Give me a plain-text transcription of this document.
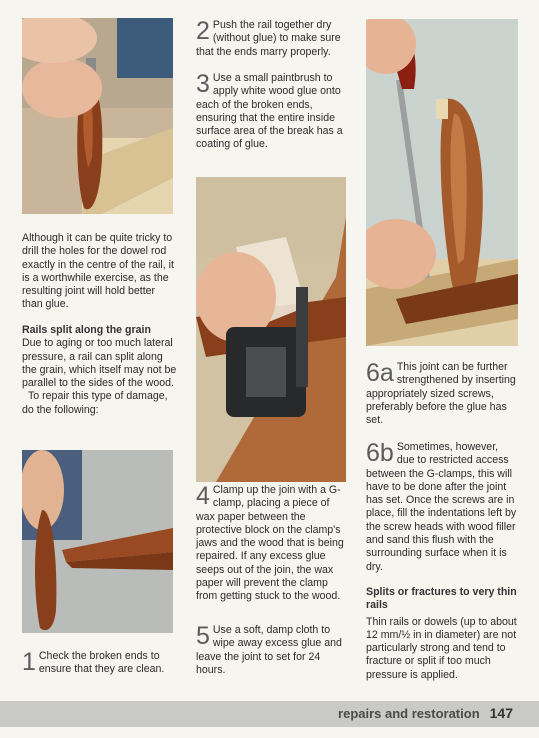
2 Push the rail together dry (without glue) to make sure that the ends marry properly.
3 Use a small paintbrush to apply white wood glue onto each of the broken ends, ensuring that the entire inside surface area of the break has a coating of glue.

Although it can be quite tricky to drill the holes for the dowel rod exactly in the centre of the rail, it is a worthwhile exercise, as the resulting joint will hold better than glue.

Rails split along the grain

Due to aging or too much lateral pressure, a rail can split along the grain, which itself may not be parallel to the sides of the wood.

To repair this type of damage, do the following:

1 Check the broken ends to ensure that they are clean.
4 Clamp up the join with a G-clamp, placing a piece of wax paper between the protective block on the clamp's jaws and the wood that is being repaired. If any excess glue seeps out of the join, the wax paper will prevent the clamp from getting stuck to the wood.
5 Use a soft, damp cloth to wipe away excess glue and leave the joint to set for 24 hours.
6a This joint can be further strengthened by inserting appropriately sized screws, preferably before the glue has set.
6b Sometimes, however, due to restricted access between the G-clamps, this will have to be done after the joint has set. Once the screws are in place, fill the indentations left by the screw heads with wood filler and sand this flush with the surrounding surface when it is dry.

Splits or fractures to very thin rails

Thin rails or dowels (up to about 12 mm/½ in in diameter) are not particularly strong and tend to fracture or split if too much pressure is applied.

repairs and restoration 147
